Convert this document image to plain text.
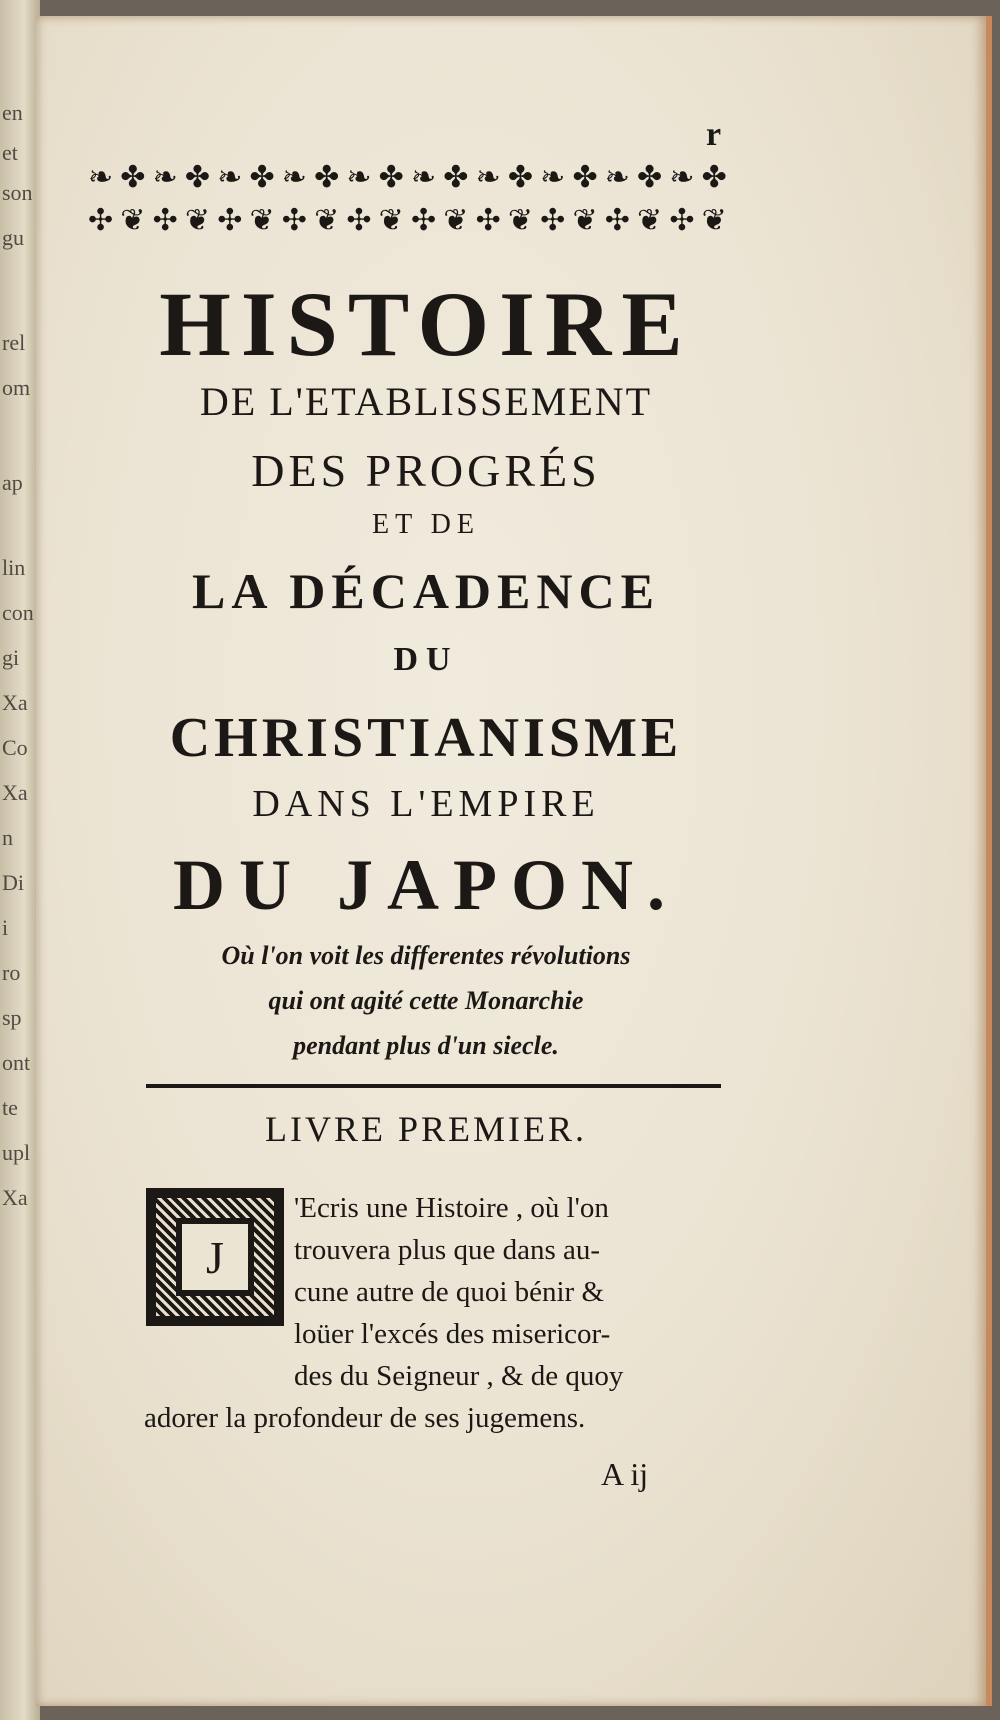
en
et
son
gu
rel
om
ap
lin
con
gi
Xa
Co
Xa
n
Di
i
ro
sp
ont
te
upl
Xa
r
❧ ✤ ❧ ✤ ❧ ✤ ❧ ✤ ❧ ✤ ❧ ✤ ❧ ✤ ❧ ✤ ❧ ✤ ❧ ✤
✣ ❦ ✣ ❦ ✣ ❦ ✣ ❦ ✣ ❦ ✣ ❦ ✣ ❦ ✣ ❦ ✣ ❦ ✣ ❦
HISTOIRE
DE L'ETABLISSEMENT
DES PROGRÉS
ET DE
LA DÉCADENCE
DU
CHRISTIANISME
DANS L'EMPIRE
DU JAPON.
Où l'on voit les differentes révolutions
qui ont agité cette Monarchie
pendant plus d'un siecle.
LIVRE PREMIER.
J
'Ecris une Histoire , où l'on
trouvera plus que dans au-
cune autre de quoi bénir &
loüer l'excés des misericor-
des du Seigneur , & de quoy
adorer la profondeur de ses jugemens.
A ij
